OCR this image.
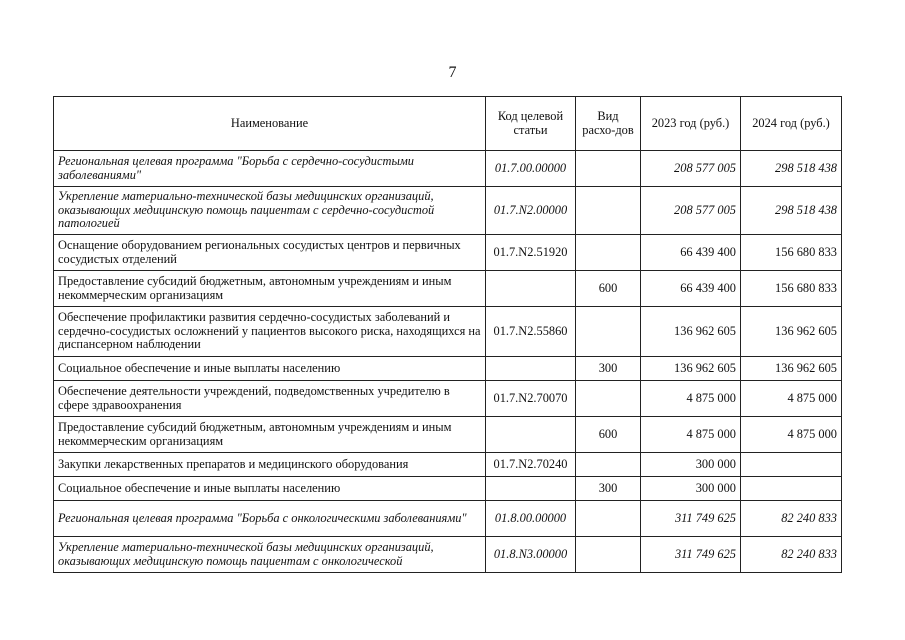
7
Наименование	Код целевой статьи	Вид расхо-дов	2023 год (руб.)	2024 год (руб.)
Региональная целевая программа "Борьба с сердечно-сосудистыми заболеваниями"	01.7.00.00000		208 577 005	298 518 438
Укрепление материально-технической базы медицинских организаций, оказывающих медицинскую помощь пациентам с сердечно-сосудистой патологией	01.7.N2.00000		208 577 005	298 518 438
Оснащение оборудованием региональных сосудистых центров и первичных сосудистых отделений	01.7.N2.51920		66 439 400	156 680 833
Предоставление субсидий бюджетным, автономным учреждениям и иным некоммерческим организациям		600	66 439 400	156 680 833
Обеспечение профилактики развития сердечно-сосудистых заболеваний и сердечно-сосудистых осложнений у пациентов высокого риска, находящихся на диспансерном наблюдении	01.7.N2.55860		136 962 605	136 962 605
Социальное обеспечение и иные выплаты населению		300	136 962 605	136 962 605
Обеспечение деятельности учреждений, подведомственных учредителю в сфере здравоохранения	01.7.N2.70070		4 875 000	4 875 000
Предоставление субсидий бюджетным, автономным учреждениям и иным некоммерческим организациям		600	4 875 000	4 875 000
Закупки лекарственных препаратов и медицинского оборудования	01.7.N2.70240		300 000	
Социальное обеспечение и иные выплаты населению		300	300 000	
Региональная целевая программа "Борьба с онкологическими заболеваниями"	01.8.00.00000		311 749 625	82 240 833
Укрепление материально-технической базы медицинских организаций, оказывающих медицинскую помощь пациентам с онкологической	01.8.N3.00000		311 749 625	82 240 833
